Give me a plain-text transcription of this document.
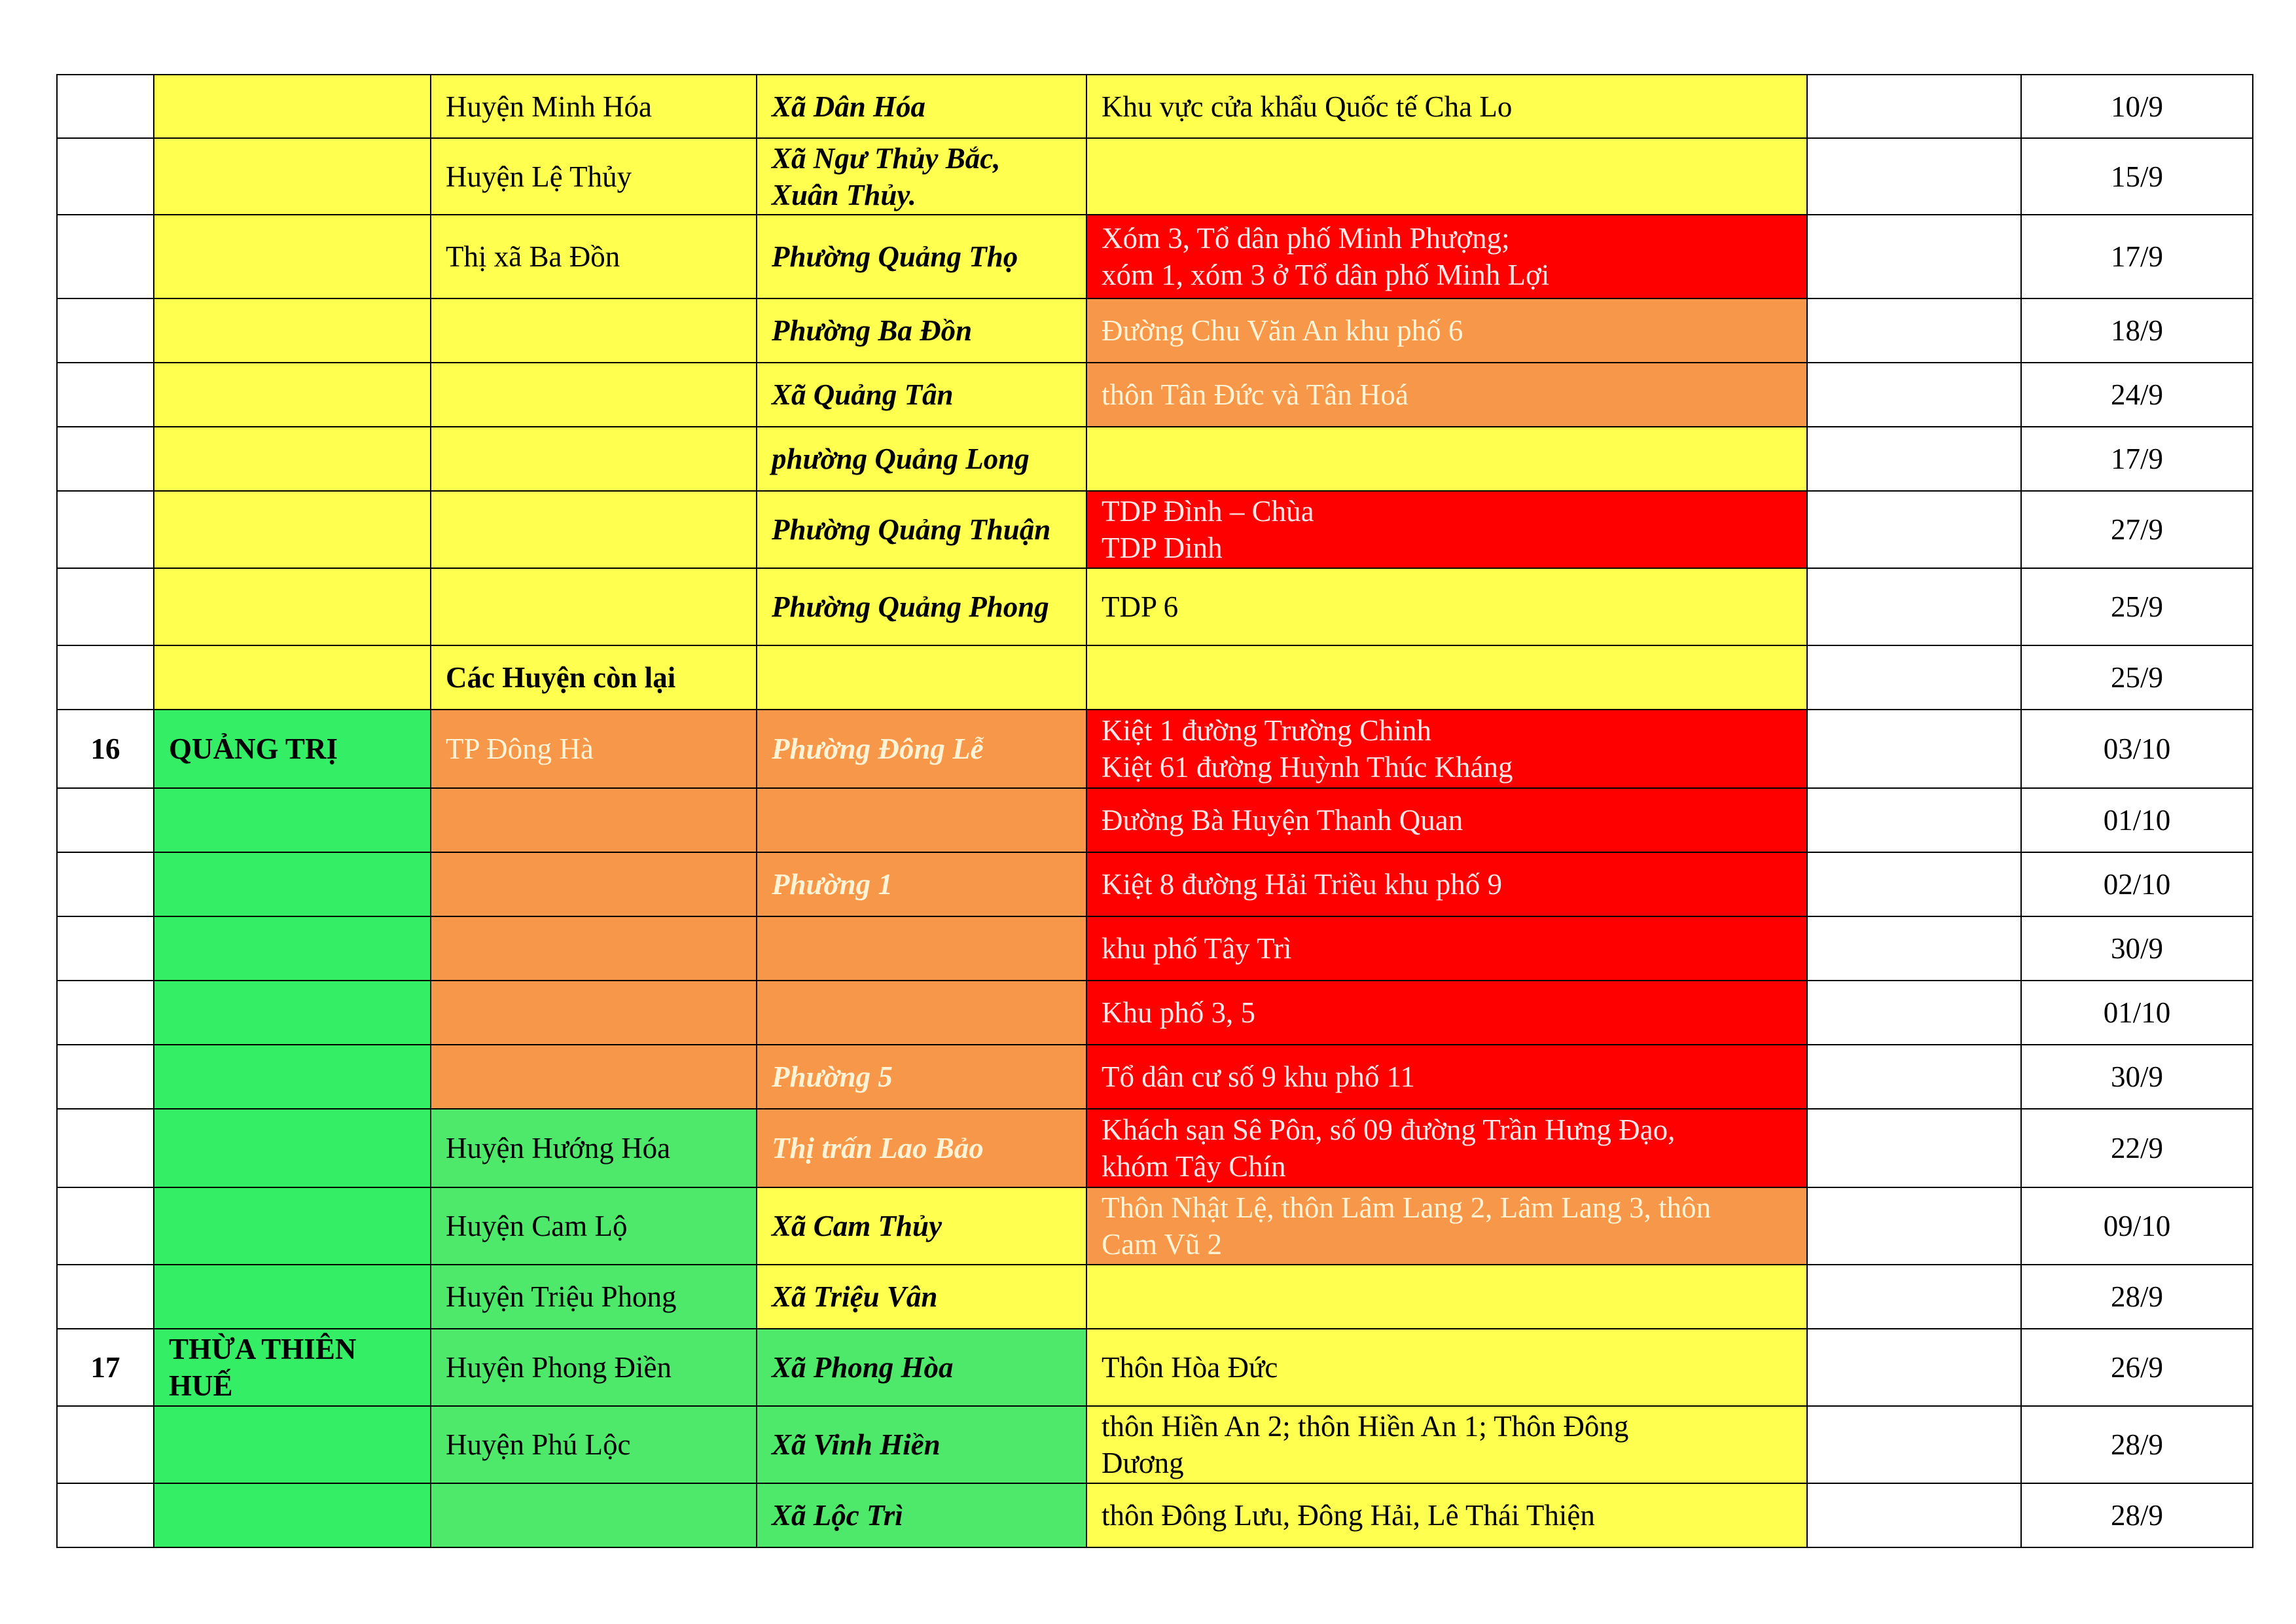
		Huyện Minh Hóa	Xã Dân Hóa	Khu vực cửa khẩu Quốc tế Cha Lo		10/9
		Huyện Lệ Thủy	Xã Ngư Thủy Bắc, Xuân Thủy.			15/9
		Thị xã Ba Đồn	Phường Quảng Thọ	Xóm 3, Tổ dân phố Minh Phượng;
xóm 1, xóm 3 ở Tổ dân phố Minh Lợi		17/9
			Phường Ba Đồn	Đường Chu Văn An khu phố 6		18/9
			Xã Quảng Tân	thôn Tân Đức và Tân Hoá		24/9
			phường Quảng Long			17/9
			Phường Quảng Thuận	TDP Đình – Chùa
TDP Dinh		27/9
			Phường Quảng Phong	TDP 6		25/9
		Các Huyện còn lại				25/9
16	QUẢNG TRỊ	TP Đông Hà	Phường Đông Lễ	Kiệt 1 đường Trường Chinh
Kiệt 61 đường Huỳnh Thúc Kháng		03/10
				Đường Bà Huyện Thanh Quan		01/10
			Phường 1	Kiệt 8 đường Hải Triều khu phố 9		02/10
				khu phố Tây Trì		30/9
				Khu phố 3, 5		01/10
			Phường 5	Tổ dân cư số 9 khu phố 11		30/9
		Huyện Hướng Hóa	Thị trấn Lao Bảo	Khách sạn Sê Pôn, số 09 đường Trần Hưng Đạo,
khóm Tây Chín		22/9
		Huyện Cam Lộ	Xã Cam Thủy	Thôn Nhật Lệ, thôn Lâm Lang 2, Lâm Lang 3, thôn
Cam Vũ 2		09/10
		Huyện Triệu Phong	Xã Triệu Vân			28/9
17	THỪA THIÊN
HUẾ	Huyện Phong Điền	Xã Phong Hòa	Thôn Hòa Đức		26/9
		Huyện Phú Lộc	Xã Vinh Hiền	thôn Hiền An 2; thôn Hiền An 1; Thôn Đông
Dương		28/9
			Xã Lộc Trì	thôn Đông Lưu, Đông Hải, Lê Thái Thiện		28/9
